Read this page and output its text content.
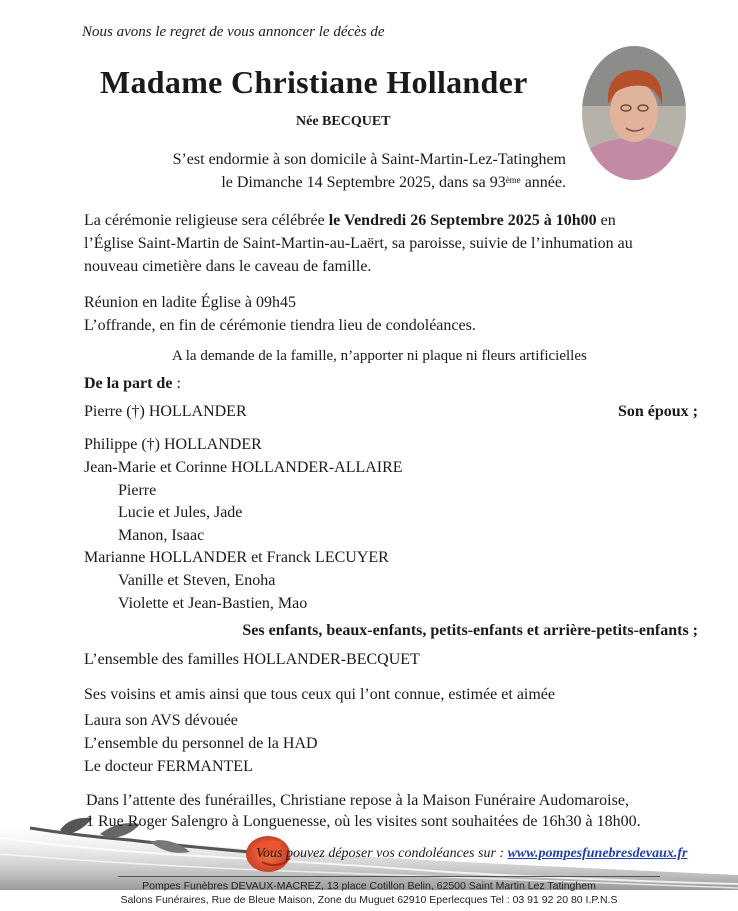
Nous avons le regret de vous annoncer le décès de
Madame Christiane Hollander
Née BECQUET
S’est endormie à son domicile à Saint-Martin-Lez-Tatinghem
le Dimanche 14 Septembre 2025, dans sa 93ème année.
La cérémonie religieuse sera célébrée le Vendredi 26 Septembre 2025 à 10h00 en
l’Église Saint-Martin de Saint-Martin-au-Laërt, sa paroisse, suivie de l’inhumation au
nouveau cimetière dans le caveau de famille.
Réunion en ladite Église à 09h45
L’offrande, en fin de cérémonie tiendra lieu de condoléances.
A la demande de la famille, n’apporter ni plaque ni fleurs artificielles
De la part de :
Pierre (†) HOLLANDER	Son époux ;
Philippe (†) HOLLANDER
Jean-Marie et Corinne HOLLANDER-ALLAIRE
Pierre
Lucie et Jules, Jade
Manon, Isaac
Marianne HOLLANDER et Franck LECUYER
Vanille et Steven, Enoha
Violette et Jean-Bastien, Mao
Ses enfants, beaux-enfants, petits-enfants et arrière-petits-enfants ;
L’ensemble des familles HOLLANDER-BECQUET
Ses voisins et amis ainsi que tous ceux qui l’ont connue, estimée et aimée
Laura son AVS dévouée
L’ensemble du personnel de la HAD
Le docteur FERMANTEL
Dans l’attente des funérailles, Christiane repose à la Maison Funéraire Audomaroise,
1 Rue Roger Salengro à Longuenesse, où les visites sont souhaitées de 16h30 à 18h00.
Vous pouvez déposer vos condoléances sur : www.pompesfunebresdevaux.fr
Pompes Funèbres DEVAUX-MACREZ, 13 place Cotillon Belin, 62500 Saint Martin Lez Tatinghem
Salons Funéraires, Rue de Bleue Maison, Zone du Muguet 62910 Eperlecques Tel : 03 91 92 20 80 I.P.N.S
